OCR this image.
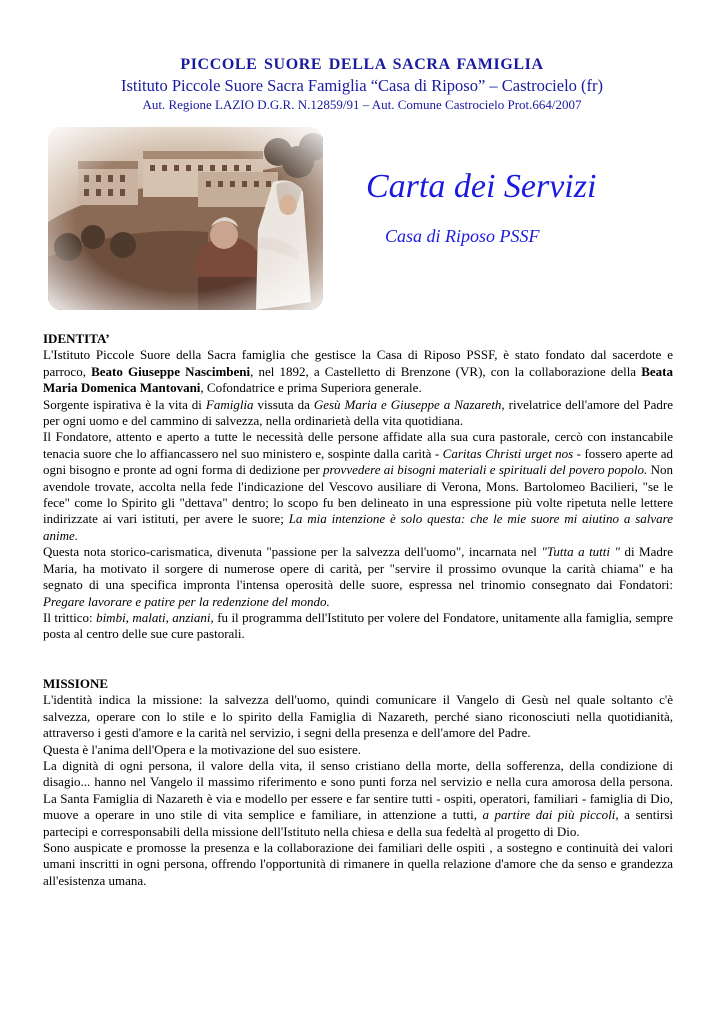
PICCOLE SUORE DELLA SACRA FAMIGLIA
Istituto Piccole Suore Sacra Famiglia “Casa di Riposo” – Castrocielo (fr)
Aut. Regione LAZIO D.G.R. N.12859/91 – Aut. Comune Castrocielo Prot.664/2007
Carta dei Servizi
Casa di Riposo PSSF
IDENTITA’

L'Istituto Piccole Suore della Sacra famiglia che gestisce la Casa di Riposo PSSF, è stato fondato dal sacerdote e parroco, Beato Giuseppe Nascimbeni, nel 1892, a Castelletto di Brenzone (VR), con la collaborazione della Beata Maria Domenica Mantovani, Cofondatrice e prima Superiora generale.

Sorgente ispirativa è la vita di Famiglia vissuta da Gesù Maria e Giuseppe a Nazareth, rivelatrice dell'amore del Padre per ogni uomo e del cammino di salvezza, nella ordinarietà della vita quotidiana.

Il Fondatore, attento e aperto a tutte le necessità delle persone affidate alla sua cura pastorale, cercò con instancabile tenacia suore che lo affiancassero nel suo ministero e, sospinte dalla carità - Caritas Christi urget nos - fossero aperte ad ogni bisogno e pronte ad ogni forma di dedizione per provvedere ai bisogni materiali e spirituali del povero popolo. Non avendole trovate, accolta nella fede l'indicazione del Vescovo ausiliare di Verona, Mons. Bartolomeo Bacilieri, "se le fece" come lo Spirito gli "dettava" dentro; lo scopo fu ben delineato in una espressione più volte ripetuta nelle lettere indirizzate ai vari istituti, per avere le suore; La mia intenzione è solo questa: che le mie suore mi aiutino a salvare anime.

Questa nota storico-carismatica, divenuta "passione per la salvezza dell'uomo", incarnata nel "Tutta a tutti " di Madre Maria, ha motivato il sorgere di numerose opere di carità, per "servire il prossimo ovunque la carità chiama" e ha segnato di una specifica impronta l'intensa operosità delle suore, espressa nel trinomio consegnato dai Fondatori: Pregare lavorare e patire per la redenzione del mondo.

Il trittico: bimbi, malati, anziani, fu il programma dell'Istituto per volere del Fondatore, unitamente alla famiglia, sempre posta al centro delle sue cure pastorali.

MISSIONE

L'identità indica la missione: la salvezza dell'uomo, quindi comunicare il Vangelo di Gesù nel quale soltanto c'è salvezza, operare con lo stile e lo spirito della Famiglia di Nazareth, perché siano riconosciuti nella quotidianità, attraverso i gesti d'amore e la carità nel servizio, i segni della presenza e dell'amore del Padre.

Questa è l'anima dell'Opera e la motivazione del suo esistere.

La dignità di ogni persona, il valore della vita, il senso cristiano della morte, della sofferenza, della condizione di disagio... hanno nel Vangelo il massimo riferimento e sono punti forza nel servizio e nella cura amorosa della persona. La Santa Famiglia di Nazareth è via e modello per essere e far sentire tutti - ospiti, operatori, familiari - famiglia di Dio, muove a operare in uno stile di vita semplice e familiare, in attenzione a tutti, a partire dai più piccoli, a sentirsi partecipi e corresponsabili della missione dell'Istituto nella chiesa e della sua fedeltà al progetto di Dio.

Sono auspicate e promosse la presenza e la collaborazione dei familiari delle ospiti , a sostegno e continuità dei valori umani inscritti in ogni persona, offrendo l'opportunità di rimanere in quella relazione d'amore che da senso e grandezza all'esistenza umana.
